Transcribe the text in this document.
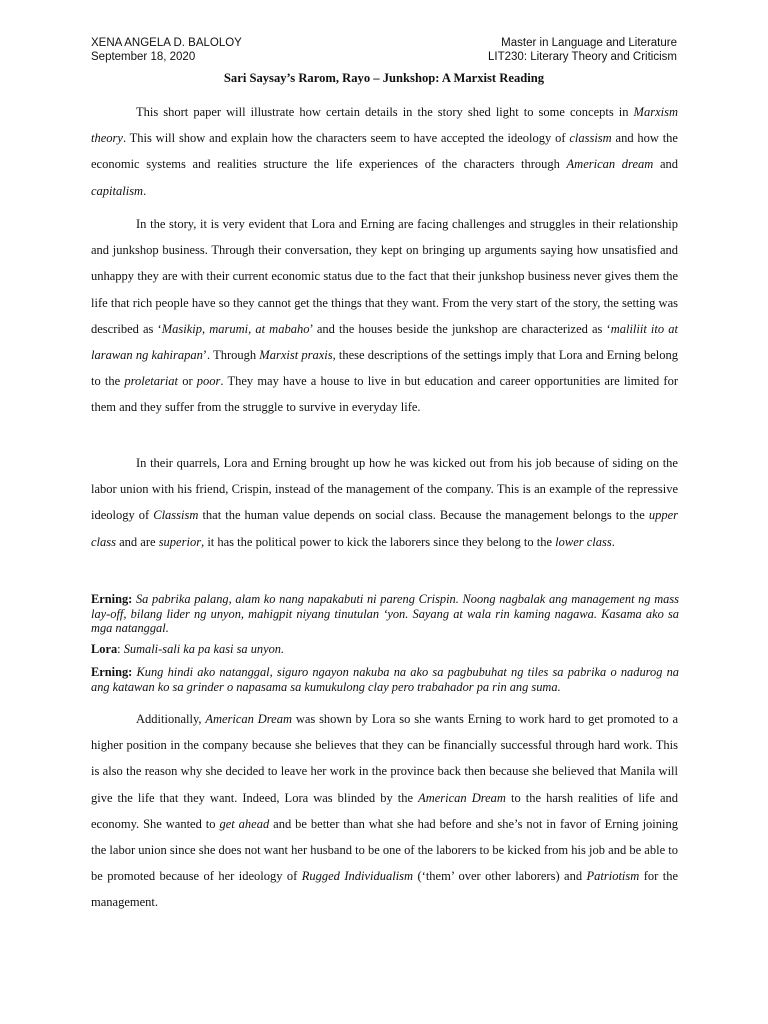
XENA ANGELA D. BALOLOY
September 18, 2020
Master in Language and Literature
LIT230: Literary Theory and Criticism
Sari Saysay’s Rarom, Rayo – Junkshop: A Marxist Reading

This short paper will illustrate how certain details in the story shed light to some concepts in Marxism theory. This will show and explain how the characters seem to have accepted the ideology of classism and how the economic systems and realities structure the life experiences of the characters through American dream and capitalism.

In the story, it is very evident that Lora and Erning are facing challenges and struggles in their relationship and junkshop business. Through their conversation, they kept on bringing up arguments saying how unsatisfied and unhappy they are with their current economic status due to the fact that their junkshop business never gives them the life that rich people have so they cannot get the things that they want. From the very start of the story, the setting was described as ‘Masikip, marumi, at mabaho’ and the houses beside the junkshop are characterized as ‘maliliit ito at larawan ng kahirapan’. Through Marxist praxis, these descriptions of the settings imply that Lora and Erning belong to the proletariat or poor. They may have a house to live in but education and career opportunities are limited for them and they suffer from the struggle to survive in everyday life.

In their quarrels, Lora and Erning brought up how he was kicked out from his job because of siding on the labor union with his friend, Crispin, instead of the management of the company. This is an example of the repressive ideology of Classism that the human value depends on social class. Because the management belongs to the upper class and are superior, it has the political power to kick the laborers since they belong to the lower class.

Erning: Sa pabrika palang, alam ko nang napakabuti ni pareng Crispin. Noong nagbalak ang management ng mass lay-off, bilang lider ng unyon, mahigpit niyang tinutulan ‘yon. Sayang at wala rin kaming nagawa. Kasama ako sa mga natanggal.

Lora: Sumali-sali ka pa kasi sa unyon.

Erning: Kung hindi ako natanggal, siguro ngayon nakuba na ako sa pagbubuhat ng tiles sa pabrika o nadurog na ang katawan ko sa grinder o napasama sa kumukulong clay pero trabahador pa rin ang suma.

Additionally, American Dream was shown by Lora so she wants Erning to work hard to get promoted to a higher position in the company because she believes that they can be financially successful through hard work. This is also the reason why she decided to leave her work in the province back then because she believed that Manila will give the life that they want. Indeed, Lora was blinded by the American Dream to the harsh realities of life and economy. She wanted to get ahead and be better than what she had before and she’s not in favor of Erning joining the labor union since she does not want her husband to be one of the laborers to be kicked from his job and be able to be promoted because of her ideology of Rugged Individualism (‘them’ over other laborers) and Patriotism for the management.
